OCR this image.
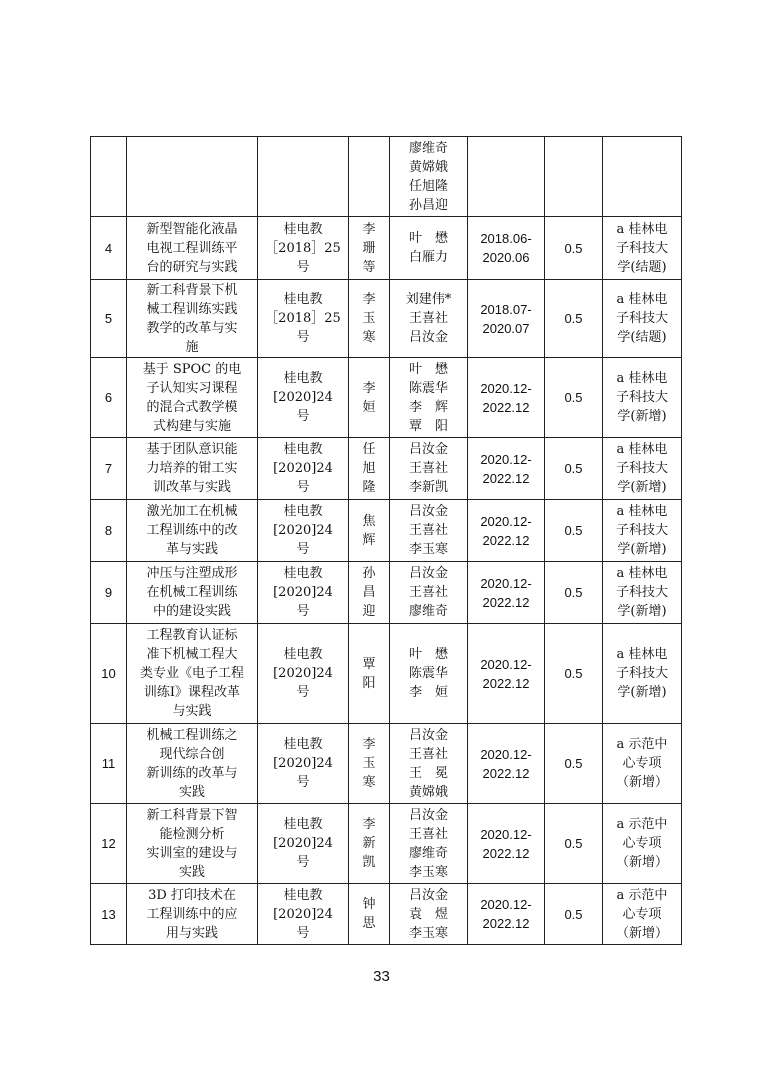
				廖维奇
黄嫦娥
任旭隆
孙昌迎			
4	新型智能化液晶
电视工程训练平
台的研究与实践	桂电教
［2018］25
号	李
珊
等	叶　懋
白雁力	2018.06-
2020.06	0.5	a 桂林电
子科技大
学(结题)
5	新工科背景下机
械工程训练实践
教学的改革与实
施	桂电教
［2018］25
号	李
玉
寒	刘建伟*
王喜社
吕汝金	2018.07-
2020.07	0.5	a 桂林电
子科技大
学(结题)
6	基于 SPOC 的电
子认知实习课程
的混合式教学模
式构建与实施	桂电教
[2020]24
号	李
姮	叶　懋
陈震华
李　辉
覃　阳	2020.12-
2022.12	0.5	a 桂林电
子科技大
学(新增)
7	基于团队意识能
力培养的钳工实
训改革与实践	桂电教
[2020]24
号	任
旭
隆	吕汝金
王喜社
李新凯	2020.12-
2022.12	0.5	a 桂林电
子科技大
学(新增)
8	激光加工在机械
工程训练中的改
革与实践	桂电教
[2020]24
号	焦
辉	吕汝金
王喜社
李玉寒	2020.12-
2022.12	0.5	a 桂林电
子科技大
学(新增)
9	冲压与注塑成形
在机械工程训练
中的建设实践	桂电教
[2020]24
号	孙
昌
迎	吕汝金
王喜社
廖维奇	2020.12-
2022.12	0.5	a 桂林电
子科技大
学(新增)
10	工程教育认证标
准下机械工程大
类专业《电子工程
训练Ⅰ》课程改革
与实践	桂电教
[2020]24
号	覃
阳	叶　懋
陈震华
李　姮	2020.12-
2022.12	0.5	a 桂林电
子科技大
学(新增)
11	机械工程训练之
现代综合创
新训练的改革与
实践	桂电教
[2020]24
号	李
玉
寒	吕汝金
王喜社
王　冕
黄嫦娥	2020.12-
2022.12	0.5	a 示范中
心专项
（新增）
12	新工科背景下智
能检测分析
实训室的建设与
实践	桂电教
[2020]24
号	李
新
凯	吕汝金
王喜社
廖维奇
李玉寒	2020.12-
2022.12	0.5	a 示范中
心专项
（新增）
13	3D 打印技术在
工程训练中的应
用与实践	桂电教
[2020]24
号	钟
思	吕汝金
袁　煜
李玉寒	2020.12-
2022.12	0.5	a 示范中
心专项
（新增）
33
